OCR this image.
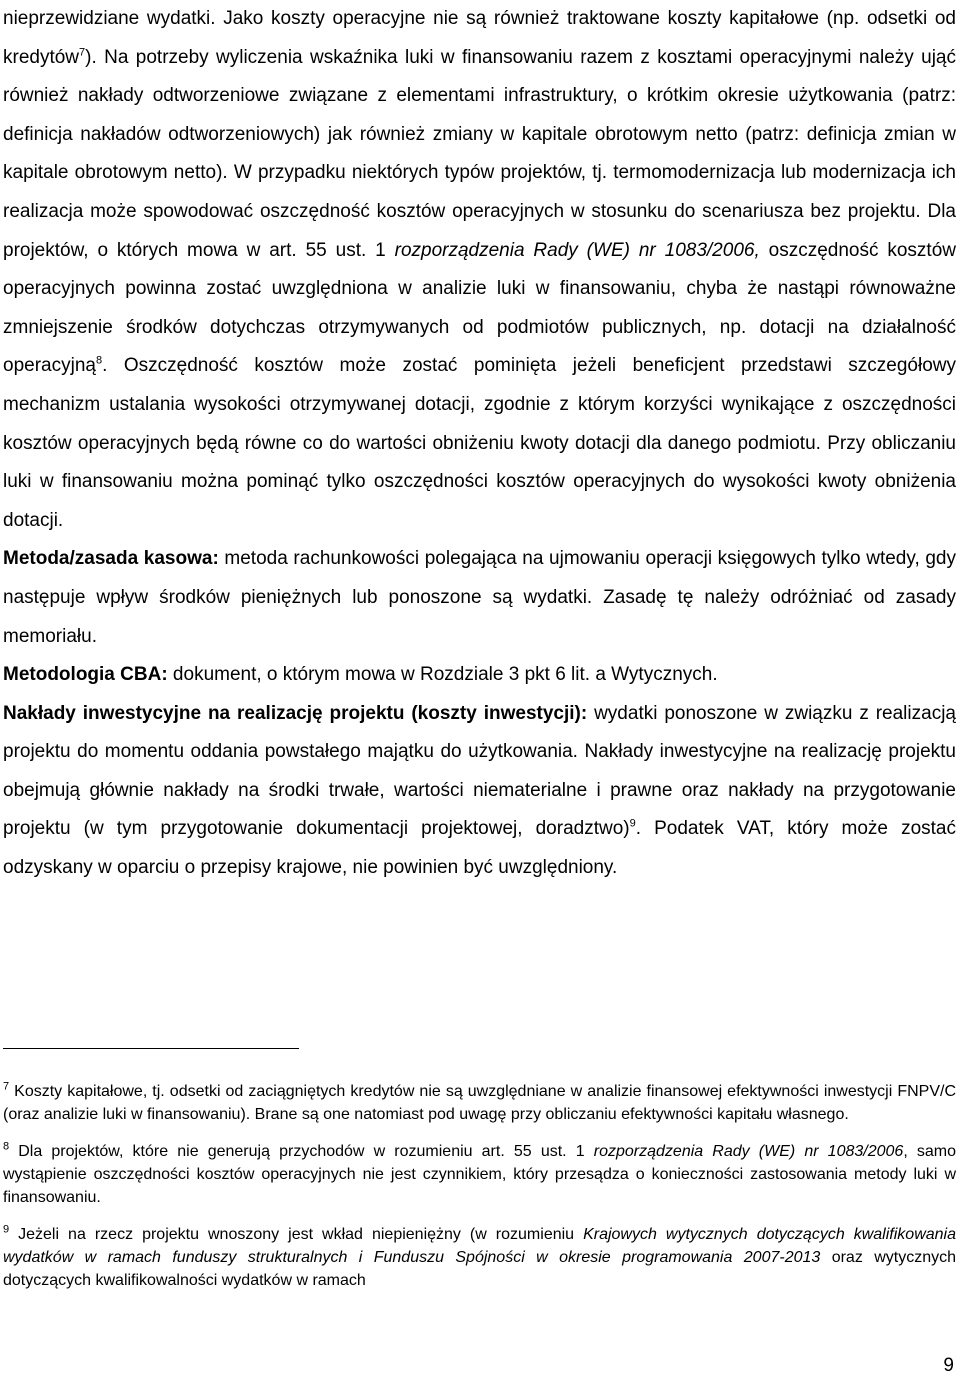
nieprzewidziane wydatki. Jako koszty operacyjne nie są również traktowane koszty kapitałowe (np. odsetki od kredytów$^7$). Na potrzeby wyliczenia wskaźnika luki w finansowaniu razem z kosztami operacyjnymi należy ująć również nakłady odtworzeniowe związane z elementami infrastruktury, o krótkim okresie użytkowania (patrz: definicja nakładów odtworzeniowych) jak również zmiany w kapitale obrotowym netto (patrz: definicja zmian w kapitale obrotowym netto). W przypadku niektórych typów projektów, tj. termomodernizacja lub modernizacja ich realizacja może spowodować oszczędność kosztów operacyjnych w stosunku do scenariusza bez projektu. Dla projektów, o których mowa w art. 55 ust. 1 rozporządzenia Rady (WE) nr 1083/2006, oszczędność kosztów operacyjnych powinna zostać uwzględniona w analizie luki w finansowaniu, chyba że nastąpi równoważne zmniejszenie środków dotychczas otrzymywanych od podmiotów publicznych, np. dotacji na działalność operacyjną$^8$. Oszczędność kosztów może zostać pominięta jeżeli beneficjent przedstawi szczegółowy mechanizm ustalania wysokości otrzymywanej dotacji, zgodnie z którym korzyści wynikające z oszczędności kosztów operacyjnych będą równe co do wartości obniżeniu kwoty dotacji dla danego podmiotu. Przy obliczaniu luki w finansowaniu można pominąć tylko oszczędności kosztów operacyjnych do wysokości kwoty obniżenia dotacji.

Metoda/zasada kasowa: metoda rachunkowości polegająca na ujmowaniu operacji księgowych tylko wtedy, gdy następuje wpływ środków pieniężnych lub ponoszone są wydatki. Zasadę tę należy odróżniać od zasady memoriału.

Metodologia CBA: dokument, o którym mowa w Rozdziale 3 pkt 6 lit. a Wytycznych.

Nakłady inwestycyjne na realizację projektu (koszty inwestycji): wydatki ponoszone w związku z realizacją projektu do momentu oddania powstałego majątku do użytkowania. Nakłady inwestycyjne na realizację projektu obejmują głównie nakłady na środki trwałe, wartości niematerialne i prawne oraz nakłady na przygotowanie projektu (w tym przygotowanie dokumentacji projektowej, doradztwo)$^9$. Podatek VAT, który może zostać odzyskany w oparciu o przepisy krajowe, nie powinien być uwzględniony.

$^7$ Koszty kapitałowe, tj. odsetki od zaciągniętych kredytów nie są uwzględniane w analizie finansowej efektywności inwestycji FNPV/C (oraz analizie luki w finansowaniu). Brane są one natomiast pod uwagę przy obliczaniu efektywności kapitału własnego.

$^8$ Dla projektów, które nie generują przychodów w rozumieniu art. 55 ust. 1 rozporządzenia Rady (WE) nr 1083/2006, samo wystąpienie oszczędności kosztów operacyjnych nie jest czynnikiem, który przesądza o konieczności zastosowania metody luki w finansowaniu.

$^9$ Jeżeli na rzecz projektu wnoszony jest wkład niepieniężny (w rozumieniu Krajowych wytycznych dotyczących kwalifikowania wydatków w ramach funduszy strukturalnych i Funduszu Spójności w okresie programowania 2007-2013 oraz wytycznych dotyczących kwalifikowalności wydatków w ramach

9
